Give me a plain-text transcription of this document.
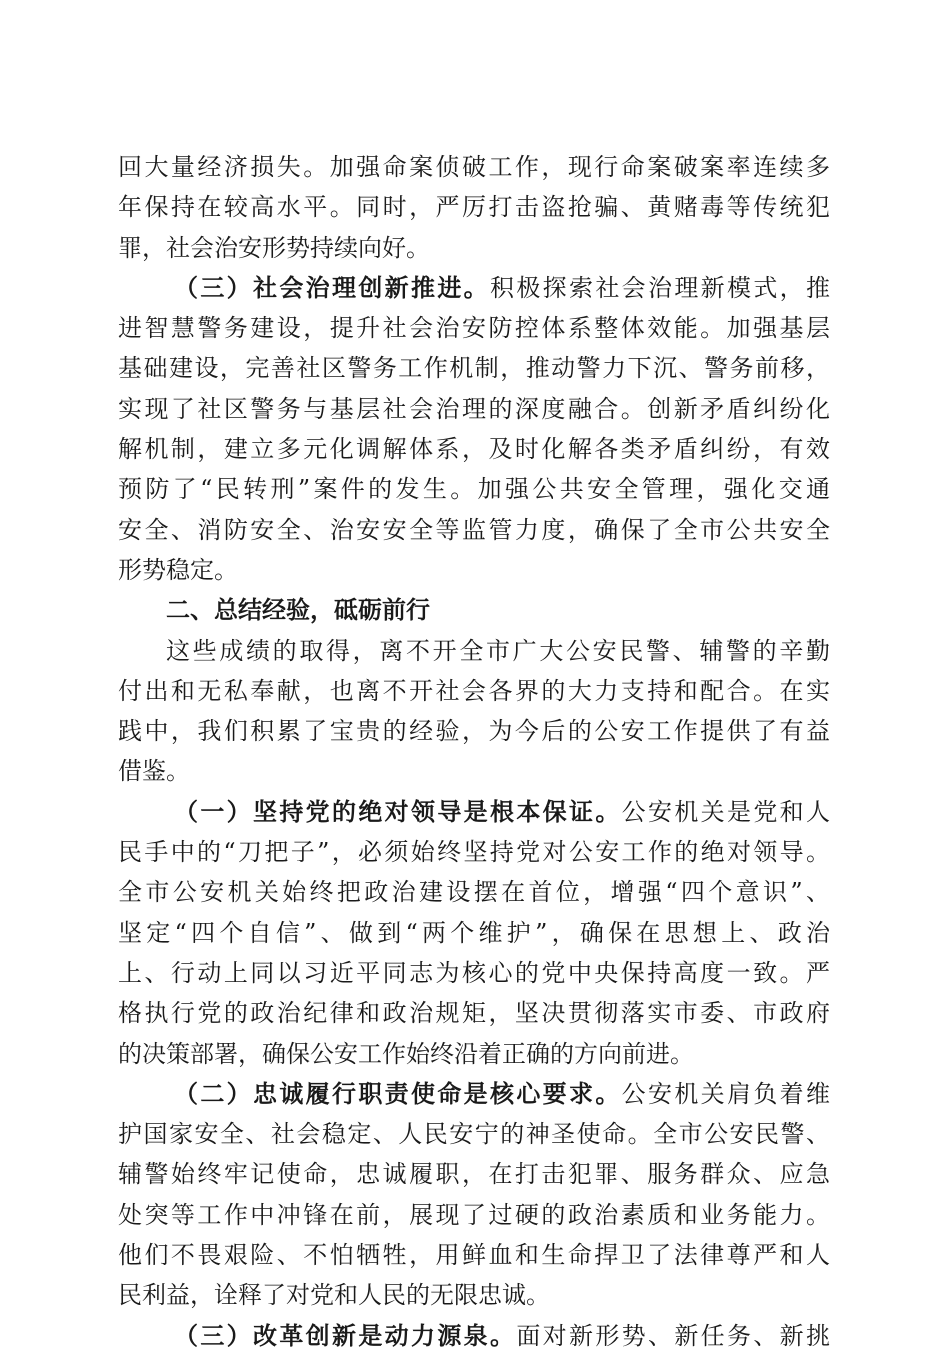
回大量经济损失。加强命案侦破工作，现行命案破案率连续多
年保持在较高水平。同时，严厉打击盗抢骗、黄赌毒等传统犯
罪，社会治安形势持续向好。
（三）社会治理创新推进。积极探索社会治理新模式，推
进智慧警务建设，提升社会治安防控体系整体效能。加强基层
基础建设，完善社区警务工作机制，推动警力下沉、警务前移，
实现了社区警务与基层社会治理的深度融合。创新矛盾纠纷化
解机制，建立多元化调解体系，及时化解各类矛盾纠纷，有效
预防了“民转刑”案件的发生。加强公共安全管理，强化交通
安全、消防安全、治安安全等监管力度，确保了全市公共安全
形势稳定。
二、总结经验，砥砺前行
这些成绩的取得，离不开全市广大公安民警、辅警的辛勤
付出和无私奉献，也离不开社会各界的大力支持和配合。在实
践中，我们积累了宝贵的经验，为今后的公安工作提供了有益
借鉴。
（一）坚持党的绝对领导是根本保证。公安机关是党和人
民手中的“刀把子”，必须始终坚持党对公安工作的绝对领导。
全市公安机关始终把政治建设摆在首位，增强“四个意识”、
坚定“四个自信”、做到“两个维护”，确保在思想上、政治
上、行动上同以习近平同志为核心的党中央保持高度一致。严
格执行党的政治纪律和政治规矩，坚决贯彻落实市委、市政府
的决策部署，确保公安工作始终沿着正确的方向前进。
（二）忠诚履行职责使命是核心要求。公安机关肩负着维
护国家安全、社会稳定、人民安宁的神圣使命。全市公安民警、
辅警始终牢记使命，忠诚履职，在打击犯罪、服务群众、应急
处突等工作中冲锋在前，展现了过硬的政治素质和业务能力。
他们不畏艰险、不怕牺牲，用鲜血和生命捍卫了法律尊严和人
民利益，诠释了对党和人民的无限忠诚。
（三）改革创新是动力源泉。面对新形势、新任务、新挑
